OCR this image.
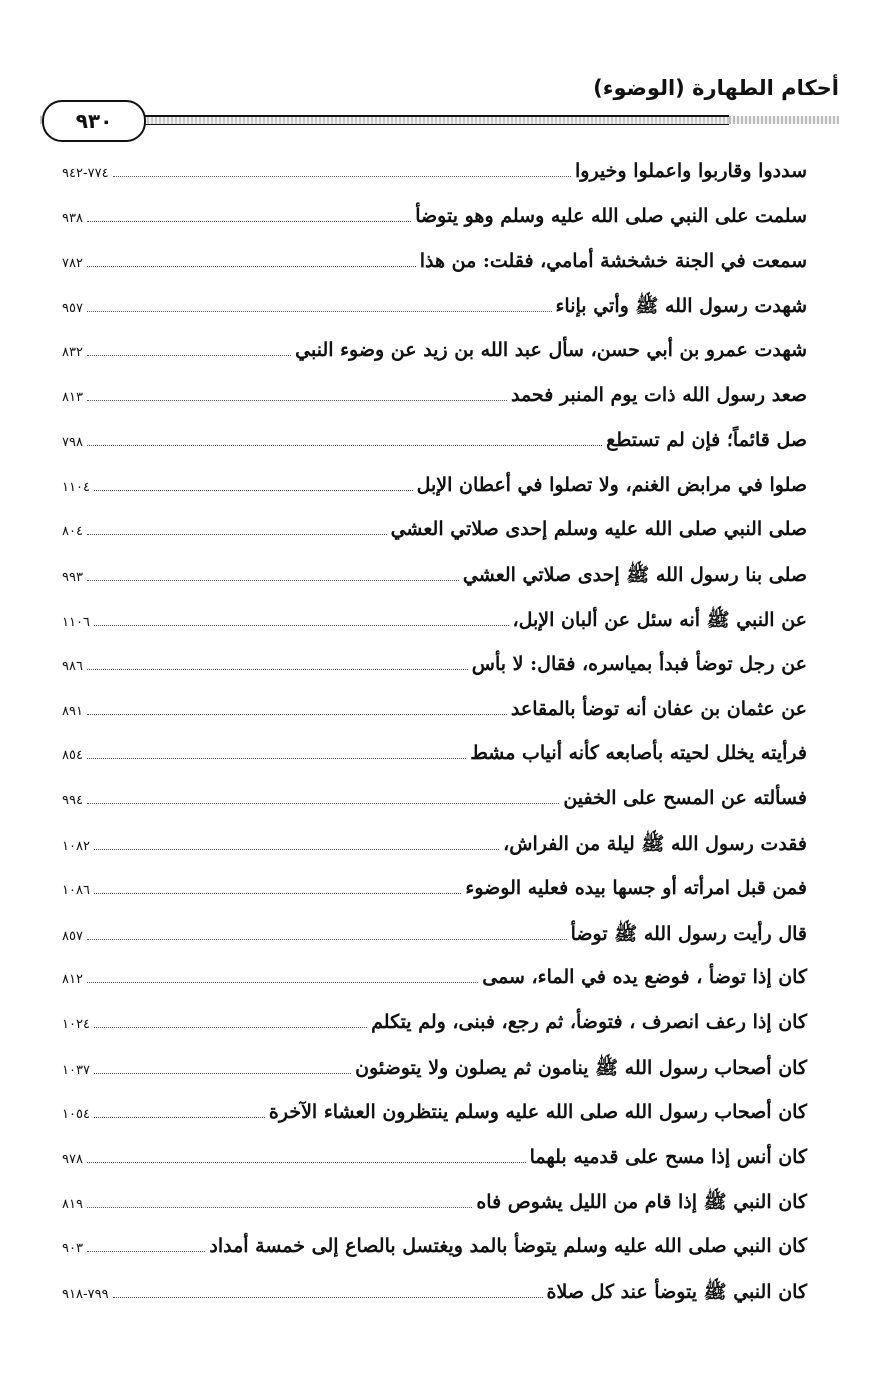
أحكام الطهارة (الوضوء)
٩٣٠
سددوا وقاربوا واعملوا وخيروا
٧٧٤-٩٤٢
سلمت على النبي صلى الله عليه وسلم وهو يتوضأ
٩٣٨
سمعت في الجنة خشخشة أمامي، فقلت: من هذا
٧٨٢
شهدت رسول الله ﷺ وأتي بإناء
٩٥٧
شهدت عمرو بن أبي حسن، سأل عبد الله بن زيد عن وضوء النبي
٨٣٢
صعد رسول الله ذات يوم المنبر فحمد
٨١٣
صل قائماً؛ فإن لم تستطع
٧٩٨
صلوا في مرابض الغنم، ولا تصلوا في أعطان الإبل
١١٠٤
صلى النبي صلى الله عليه وسلم إحدى صلاتي العشي
٨٠٤
صلى بنا رسول الله ﷺ إحدى صلاتي العشي
٩٩٣
عن النبي ﷺ أنه سئل عن ألبان الإبل،
١١٠٦
عن رجل توضأ فبدأ بمياسره، فقال: لا بأس
٩٨٦
عن عثمان بن عفان أنه توضأ بالمقاعد
٨٩١
فرأيته يخلل لحيته بأصابعه كأنه أنياب مشط
٨٥٤
فسألته عن المسح على الخفين
٩٩٤
فقدت رسول الله ﷺ ليلة من الفراش،
١٠٨٢
فمن قبل امرأته أو جسها بيده فعليه الوضوء
١٠٨٦
قال رأيت رسول الله ﷺ توضأ
٨٥٧
كان إذا توضأ ، فوضع يده في الماء، سمى
٨١٢
كان إذا رعف انصرف ، فتوضأ، ثم رجع، فبنى، ولم يتكلم
١٠٢٤
كان أصحاب رسول الله ﷺ ينامون ثم يصلون ولا يتوضئون
١٠٣٧
كان أصحاب رسول الله صلى الله عليه وسلم ينتظرون العشاء الآخرة
١٠٥٤
كان أنس إذا مسح على قدميه بلهما
٩٧٨
كان النبي ﷺ إذا قام من الليل يشوص فاه
٨١٩
كان النبي صلى الله عليه وسلم يتوضأ بالمد ويغتسل بالصاع إلى خمسة أمداد
٩٠٣
كان النبي ﷺ يتوضأ عند كل صلاة
٧٩٩-٩١٨
